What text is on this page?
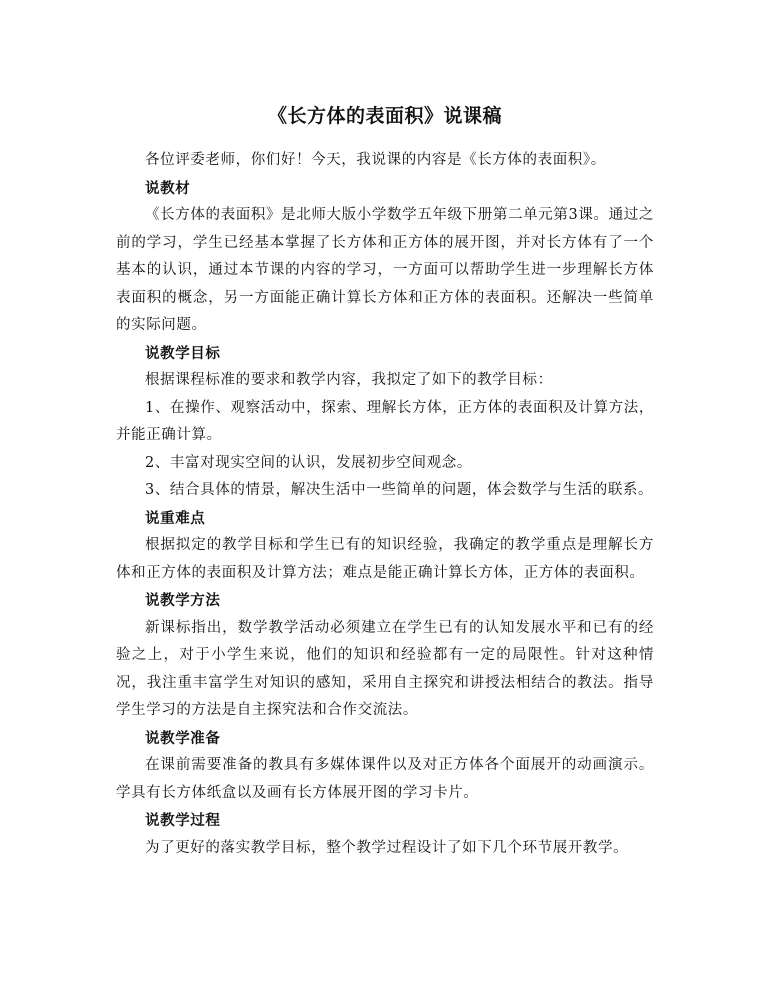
《长方体的表面积》说课稿

各位评委老师，你们好！今天，我说课的内容是《长方体的表面积》。

说教材

《长方体的表面积》是北师大版小学数学五年级下册第二单元第3课。通过之前的学习，学生已经基本掌握了长方体和正方体的展开图，并对长方体有了一个基本的认识，通过本节课的内容的学习，一方面可以帮助学生进一步理解长方体表面积的概念，另一方面能正确计算长方体和正方体的表面积。还解决一些简单的实际问题。

说教学目标

根据课程标准的要求和教学内容，我拟定了如下的教学目标：

1、在操作、观察活动中，探索、理解长方体，正方体的表面积及计算方法，并能正确计算。

2、丰富对现实空间的认识，发展初步空间观念。

3、结合具体的情景，解决生活中一些简单的问题，体会数学与生活的联系。

说重难点

根据拟定的教学目标和学生已有的知识经验，我确定的教学重点是理解长方体和正方体的表面积及计算方法；难点是能正确计算长方体，正方体的表面积。

说教学方法

新课标指出，数学教学活动必须建立在学生已有的认知发展水平和已有的经验之上，对于小学生来说，他们的知识和经验都有一定的局限性。针对这种情况，我注重丰富学生对知识的感知，采用自主探究和讲授法相结合的教法。指导学生学习的方法是自主探究法和合作交流法。

说教学准备

在课前需要准备的教具有多媒体课件以及对正方体各个面展开的动画演示。学具有长方体纸盒以及画有长方体展开图的学习卡片。

说教学过程

为了更好的落实教学目标，整个教学过程设计了如下几个环节展开教学。
